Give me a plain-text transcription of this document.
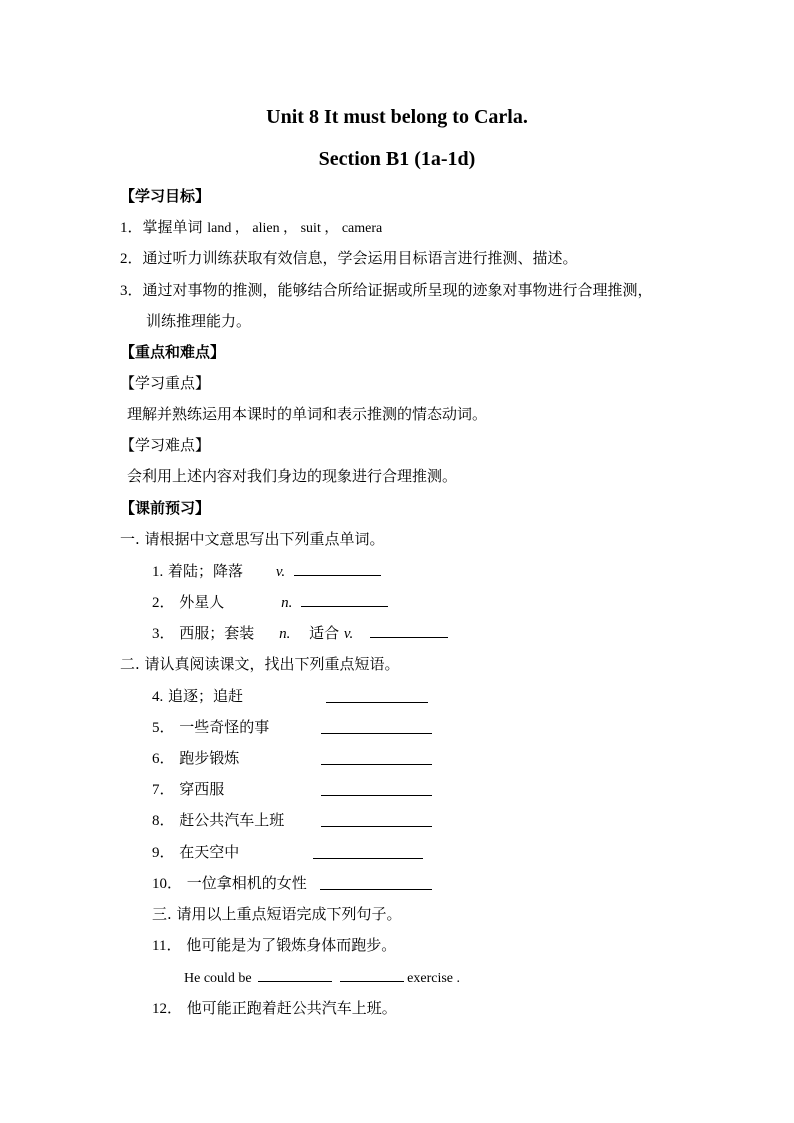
Unit 8 It must belong to Carla.
Section B1 (1a-1d)
【学习目标】
1．掌握单词 land ， alien ， suit ， camera
2．通过听力训练获取有效信息，学会运用目标语言进行推测、描述。
3．通过对事物的推测，能够结合所给证据或所呈现的迹象对事物进行合理推测，
训练推理能力。
【重点和难点】
【学习重点】
理解并熟练运用本课时的单词和表示推测的情态动词。
【学习难点】
会利用上述内容对我们身边的现象进行合理推测。
【课前预习】
一. 请根据中文意思写出下列重点单词。
1. 着陆；降落 v.
2． 外星人	n.
3． 西服；套装 n. 适合 v.
二. 请认真阅读课文，找出下列重点短语。
4. 追逐；追赶
5． 一些奇怪的事
6． 跑步锻炼
7． 穿西服
8． 赶公共汽车上班
9． 在天空中
10． 一位拿相机的女性
三. 请用以上重点短语完成下列句子。
11． 他可能是为了锻炼身体而跑步。
He could be	exercise .
12． 他可能正跑着赶公共汽车上班。
